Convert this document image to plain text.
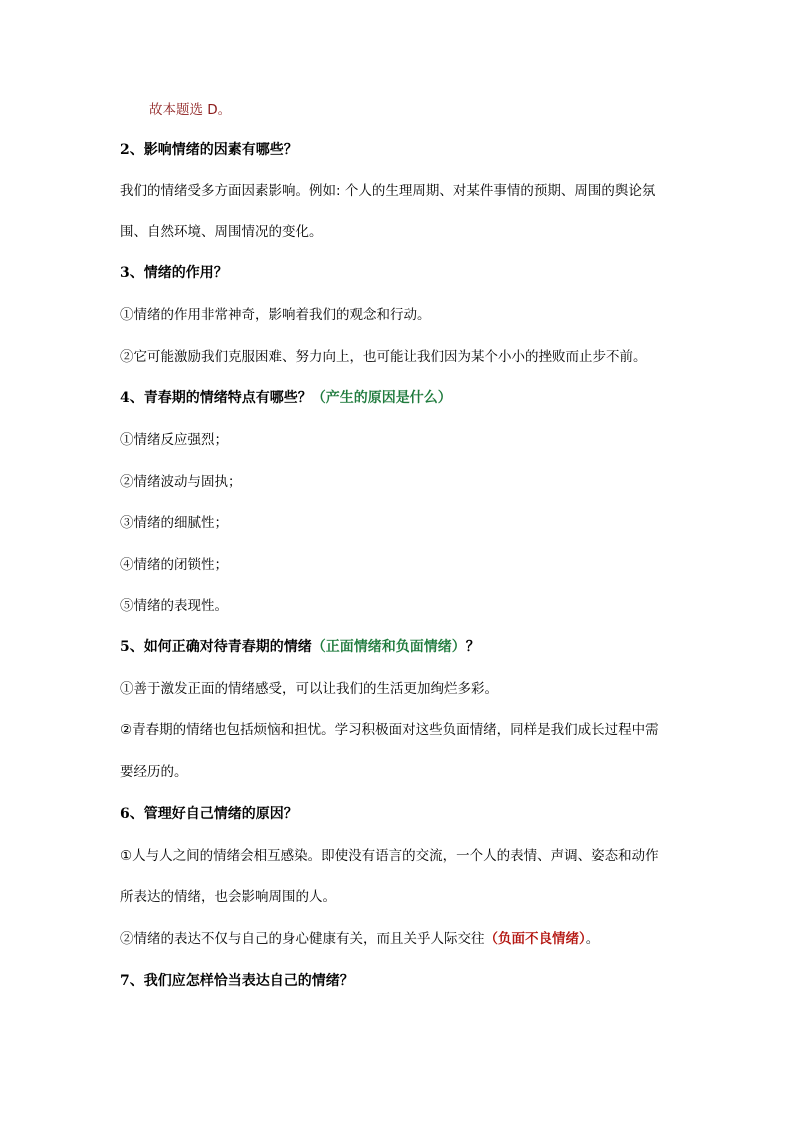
故本题选 D。
2、影响情绪的因素有哪些？
我们的情绪受多方面因素影响。例如: 个人的生理周期、对某件事情的预期、周围的舆论氛
围、自然环境、周围情况的变化。
3、情绪的作用？
①情绪的作用非常神奇，影响着我们的观念和行动。
②它可能激励我们克服困难、努力向上，也可能让我们因为某个小小的挫败而止步不前。
4、青春期的情绪特点有哪些？（产生的原因是什么）
①情绪反应强烈；
②情绪波动与固执；
③情绪的细腻性；
④情绪的闭锁性；
⑤情绪的表现性。
5、如何正确对待青春期的情绪（正面情绪和负面情绪）？
①善于激发正面的情绪感受，可以让我们的生活更加绚烂多彩。
②青春期的情绪也包括烦恼和担忧。学习积极面对这些负面情绪，同样是我们成长过程中需
要经历的。
6、管理好自己情绪的原因？
①人与人之间的情绪会相互感染。即使没有语言的交流，一个人的表情、声调、姿态和动作
所表达的情绪，也会影响周围的人。
②情绪的表达不仅与自己的身心健康有关，而且关乎人际交往（负面不良情绪）。
7、我们应怎样恰当表达自己的情绪？
